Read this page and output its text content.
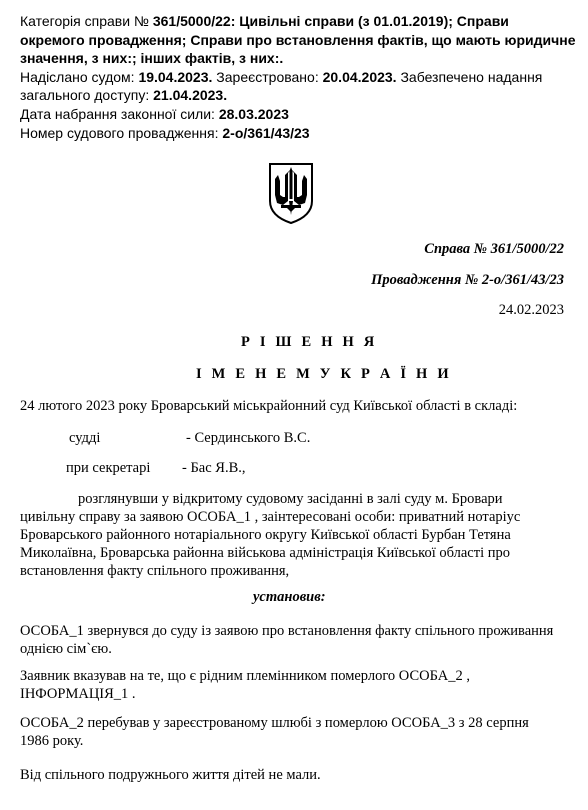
Категорія справи № 361/5000/22: Цивільні справи (з 01.01.2019); Справи окремого провадження; Справи про встановлення фактів, що мають юридичне значення, з них:; інших фактів, з них:.
Надіслано судом: 19.04.2023. Зареєстровано: 20.04.2023. Забезпечено надання загального доступу: 21.04.2023.
Дата набрання законної сили: 28.03.2023
Номер судового провадження: 2-о/361/43/23
Справа № 361/5000/22
Провадження № 2-о/361/43/23
24.02.2023
Р І Ш Е Н Н Я
І М Е Н Е М У К Р А Ї Н И
24 лютого 2023 року Броварський міськрайонний суд Київської області в складі:
судді	- Сердинського В.С.
при секретарі - Бас Я.В.,
розглянувши у відкритому судовому засіданні в залі суду м. Бровари
цивільну справу за заявою ОСОБА_1 , заінтересовані особи: приватний нотаріус Броварського районного нотаріального округу Київської області Бурбан Тетяна Миколаївна, Броварська районна військова адміністрація Київської області про встановлення факту спільного проживання,
установив:
ОСОБА_1 звернувся до суду із заявою про встановлення факту спільного проживання однією сім`єю.
Заявник вказував на те, що є рідним племінником померлого ОСОБА_2 , ІНФОРМАЦІЯ_1 .
ОСОБА_2 перебував у зареєстрованому шлюбі з померлою ОСОБА_3 з 28 серпня 1986 року.
Від спільного подружнього життя дітей не мали.
